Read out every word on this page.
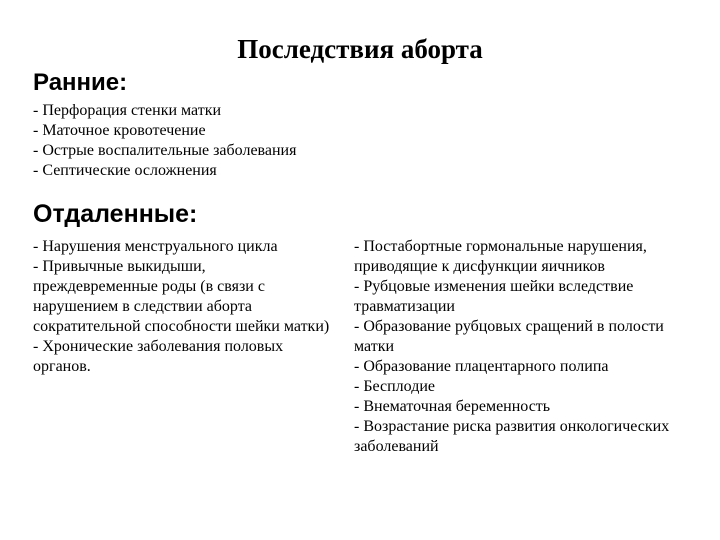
Последствия аборта
Ранние:
- Перфорация стенки матки
- Маточное кровотечение
- Острые воспалительные заболевания
- Септические осложнения
Отдаленные:
- Нарушения менструального цикла
- Привычные выкидыши,
преждевременные роды (в связи с
нарушением в следствии аборта
сократительной способности шейки матки)
- Хронические заболевания половых
органов.
- Постабортные гормональные нарушения,
приводящие к дисфункции яичников
- Рубцовые изменения шейки вследствие
травматизации
- Образование рубцовых сращений в полости
матки
- Образование плацентарного полипа
- Бесплодие
- Внематочная беременность
- Возрастание риска развития онкологических
заболеваний
